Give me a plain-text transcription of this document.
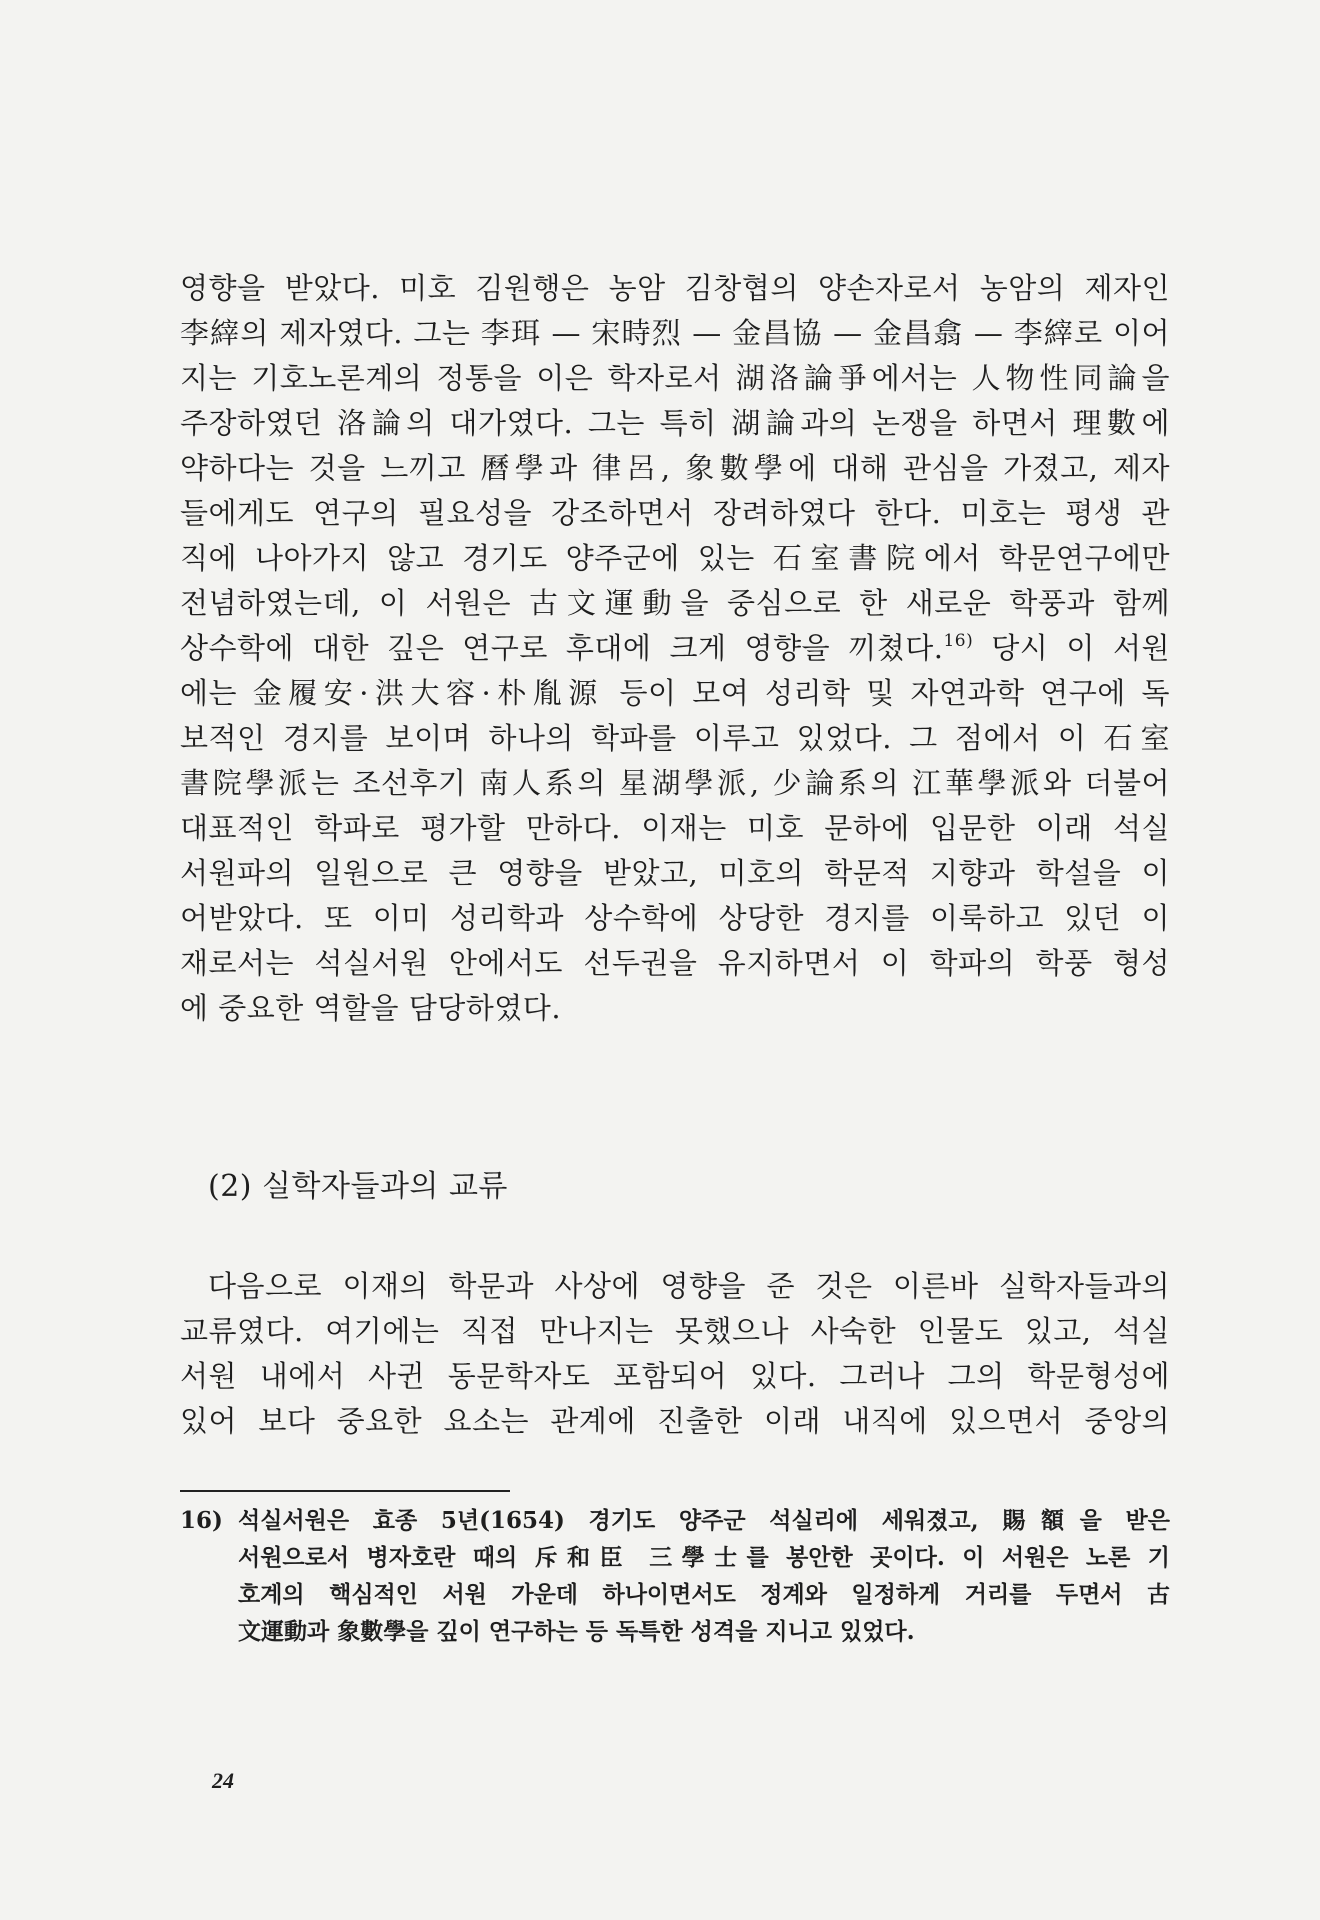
영향을 받았다. 미호 김원행은 농암 김창협의 양손자로서 농암의 제자인
李縡의 제자였다. 그는 李珥 — 宋時烈 — 金昌協 — 金昌翕 — 李縡로 이어
지는 기호노론계의 정통을 이은 학자로서 湖洛論爭에서는 人物性同論을
주장하였던 洛論의 대가였다. 그는 특히 湖論과의 논쟁을 하면서 理數에
약하다는 것을 느끼고 曆學과 律呂, 象數學에 대해 관심을 가졌고, 제자
들에게도 연구의 필요성을 강조하면서 장려하였다 한다. 미호는 평생 관
직에 나아가지 않고 경기도 양주군에 있는 石室書院에서 학문연구에만
전념하였는데, 이 서원은 古文運動을 중심으로 한 새로운 학풍과 함께
상수학에 대한 깊은 연구로 후대에 크게 영향을 끼쳤다.$^{16)}$ 당시 이 서원
에는 金履安·洪大容·朴胤源 등이 모여 성리학 및 자연과학 연구에 독
보적인 경지를 보이며 하나의 학파를 이루고 있었다. 그 점에서 이 石室
書院學派는 조선후기 南人系의 星湖學派, 少論系의 江華學派와 더불어
대표적인 학파로 평가할 만하다. 이재는 미호 문하에 입문한 이래 석실
서원파의 일원으로 큰 영향을 받았고, 미호의 학문적 지향과 학설을 이
어받았다. 또 이미 성리학과 상수학에 상당한 경지를 이룩하고 있던 이
재로서는 석실서원 안에서도 선두권을 유지하면서 이 학파의 학풍 형성
에 중요한 역할을 담당하였다.
(2) 실학자들과의 교류
다음으로 이재의 학문과 사상에 영향을 준 것은 이른바 실학자들과의
교류였다. 여기에는 직접 만나지는 못했으나 사숙한 인물도 있고, 석실
서원 내에서 사귄 동문학자도 포함되어 있다. 그러나 그의 학문형성에
있어 보다 중요한 요소는 관계에 진출한 이래 내직에 있으면서 중앙의
16) 석실서원은 효종 5년(1654) 경기도 양주군 석실리에 세워졌고, 賜額을 받은
서원으로서 병자호란 때의 斥和臣 三學士를 봉안한 곳이다. 이 서원은 노론 기
호계의 핵심적인 서원 가운데 하나이면서도 정계와 일정하게 거리를 두면서 古
文運動과 象數學을 깊이 연구하는 등 독특한 성격을 지니고 있었다.
24
